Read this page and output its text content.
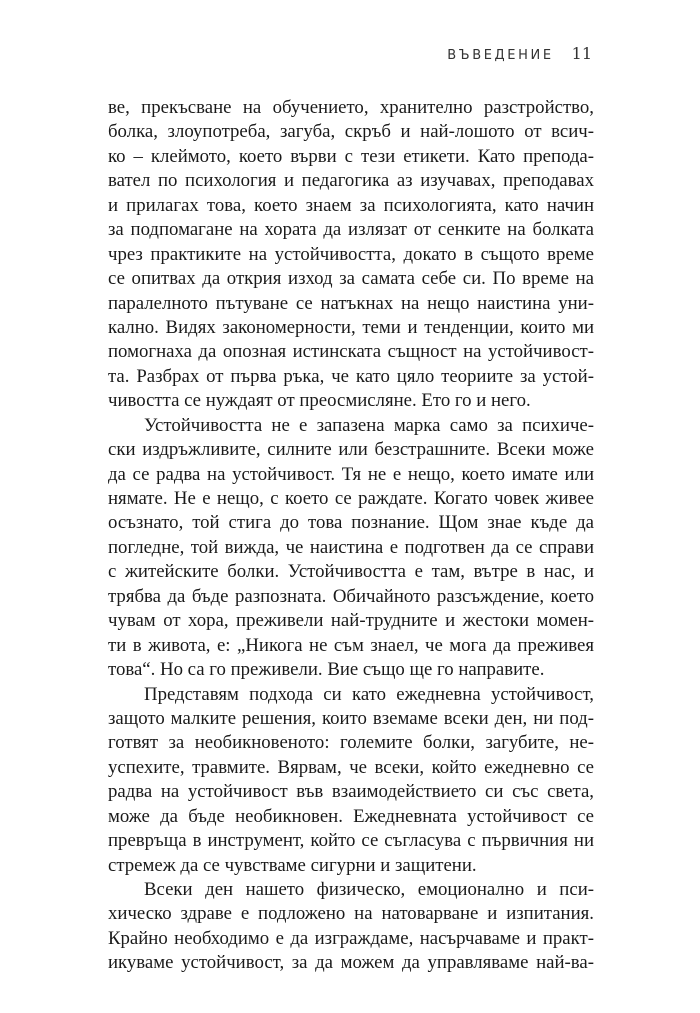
ВЪВЕДЕНИЕ 11
ве, прекъсване на обучението, хранително разстройство,
болка, злоупотреба, загуба, скръб и най-лошото от всич-
ко – клеймото, което върви с тези етикети. Като препода-
вател по психология и педагогика аз изучавах, преподавах
и прилагах това, което знаем за психологията, като начин
за подпомагане на хората да излязат от сенките на болката
чрез практиките на устойчивостта, докато в същото време
се опитвах да открия изход за самата себе си. По време на
паралелното пътуване се натъкнах на нещо наистина уни-
кално. Видях закономерности, теми и тенденции, които ми
помогнаха да опозная истинската същност на устойчивост-
та. Разбрах от първа ръка, че като цяло теориите за устой-
чивостта се нуждаят от преосмисляне. Ето го и него.
Устойчивостта не е запазена марка само за психиче-
ски издръжливите, силните или безстрашните. Всеки може
да се радва на устойчивост. Тя не е нещо, което имате или
нямате. Не е нещо, с което се раждате. Когато човек живее
осъзнато, той стига до това познание. Щом знае къде да
погледне, той вижда, че наистина е подготвен да се справи
с житейските болки. Устойчивостта е там, вътре в нас, и
трябва да бъде разпозната. Обичайното разсъждение, което
чувам от хора, преживели най-трудните и жестоки момен-
ти в живота, е: „Никога не съм знаел, че мога да преживея
това“. Но са го преживели. Вие също ще го направите.
Представям подхода си като ежедневна устойчивост,
защото малките решения, които вземаме всеки ден, ни под-
готвят за необикновеното: големите болки, загубите, не-
успехите, травмите. Вярвам, че всеки, който ежедневно се
радва на устойчивост във взаимодействието си със света,
може да бъде необикновен. Ежедневната устойчивост се
превръща в инструмент, който се съгласува с първичния ни
стремеж да се чувстваме сигурни и защитени.
Всеки ден нашето физическо, емоционално и пси-
хическо здраве е подложено на натоварване и изпитания.
Крайно необходимо е да изграждаме, насърчаваме и практ-
икуваме устойчивост, за да можем да управляваме най-ва-
